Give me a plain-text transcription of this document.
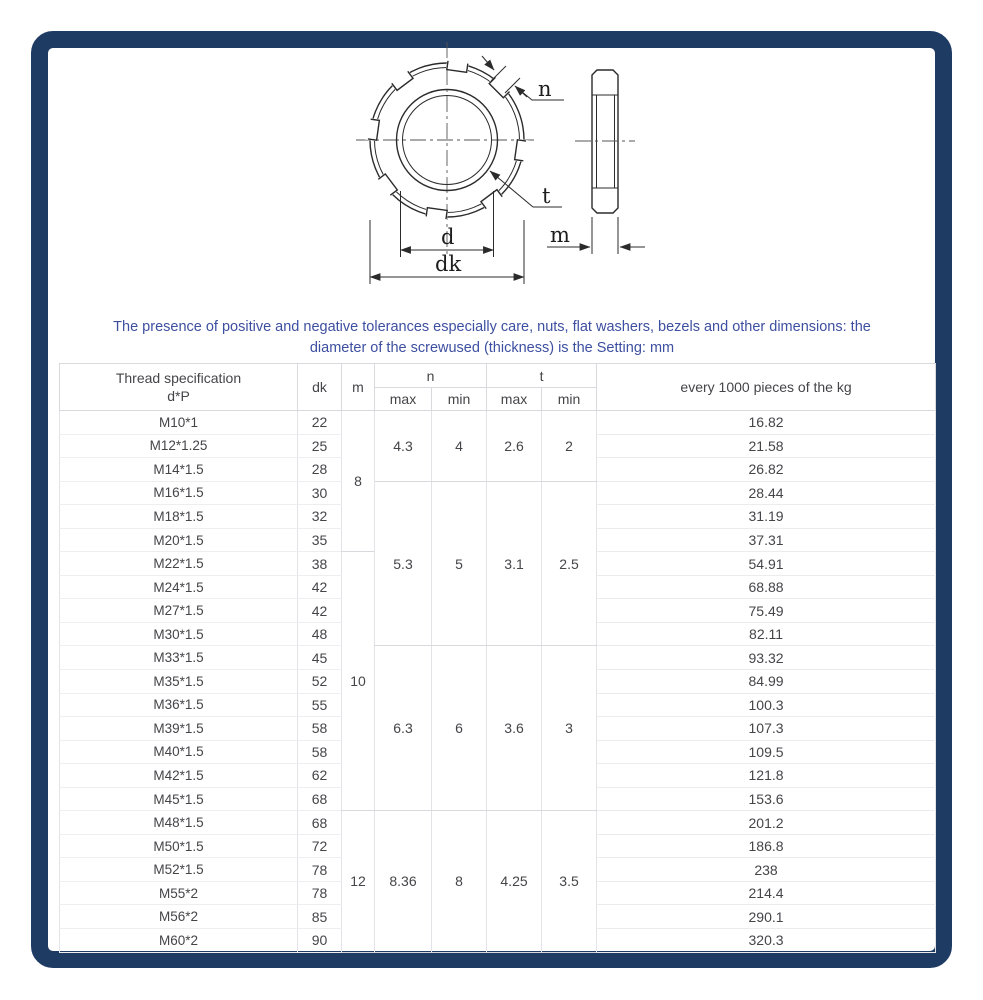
n
t
d
dk
m
The presence of positive and negative tolerances especially care, nuts, flat washers, bezels and other dimensions: the
diameter of the screwused (thickness) is the Setting: mm
Thread specification
d*P	dk	m	n		t		every 1000 pieces of the kg
			max	min	max	min	
M10*1	22	8	4.3	4	2.6	2	16.82
M12*1.25	25						21.58
M14*1.5	28						26.82
M16*1.5	30		5.3	5	3.1	2.5	28.44
M18*1.5	32						31.19
M20*1.5	35						37.31
M22*1.5	38	10					54.91
M24*1.5	42						68.88
M27*1.5	42						75.49
M30*1.5	48						82.11
M33*1.5	45		6.3	6	3.6	3	93.32
M35*1.5	52						84.99
M36*1.5	55						100.3
M39*1.5	58						107.3
M40*1.5	58						109.5
M42*1.5	62						121.8
M45*1.5	68						153.6
M48*1.5	68	12	8.36	8	4.25	3.5	201.2
M50*1.5	72						186.8
M52*1.5	78						238
M55*2	78						214.4
M56*2	85						290.1
M60*2	90						320.3
